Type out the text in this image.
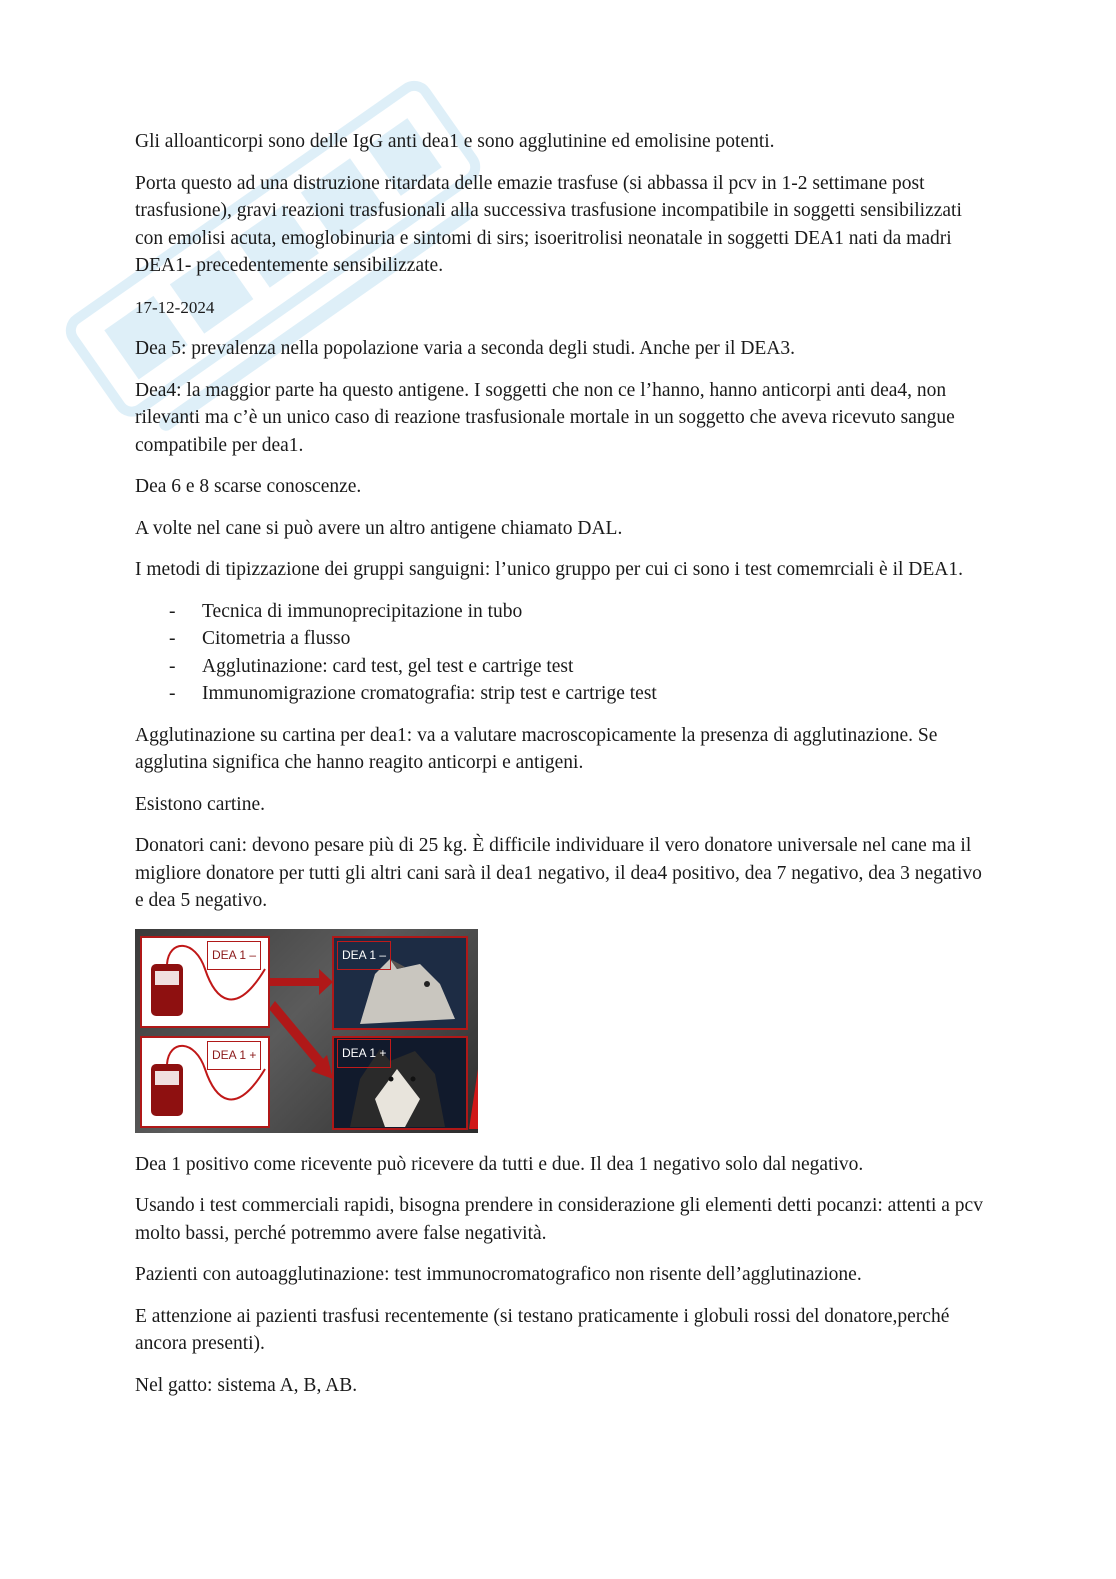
Gli alloanticorpi sono delle IgG anti dea1 e sono agglutinine ed emolisine potenti.

Porta questo ad una distruzione ritardata delle emazie trasfuse (si abbassa il pcv in 1-2 settimane post trasfusione), gravi reazioni trasfusionali alla successiva trasfusione incompatibile in soggetti sensibilizzati con emolisi acuta, emoglobinuria e sintomi di sirs; isoeritrolisi neonatale in soggetti DEA1 nati da madri DEA1- precedentemente sensibilizzate.

17-12-2024

Dea 5: prevalenza nella popolazione varia a seconda degli studi. Anche per il DEA3.

Dea4: la maggior parte ha questo antigene. I soggetti che non ce l’hanno, hanno anticorpi anti dea4, non rilevanti ma c’è un unico caso di reazione trasfusionale mortale in un soggetto che aveva ricevuto sangue compatibile per dea1.

Dea 6 e 8 scarse conoscenze.

A volte nel cane si può avere un altro antigene chiamato DAL.

I metodi di tipizzazione dei gruppi sanguigni: l’unico gruppo per cui ci sono i test comemrciali è il DEA1.

- Tecnica di immunoprecipitazione in tubo
- Citometria a flusso
- Agglutinazione: card test, gel test e cartrige test
- Immunomigrazione cromatografia: strip test e cartrige test

Agglutinazione su cartina per dea1: va a valutare macroscopicamente la presenza di agglutinazione. Se agglutina significa che hanno reagito anticorpi e antigeni.

Esistono cartine.

Donatori cani: devono pesare più di 25 kg. È difficile individuare il vero donatore universale nel cane ma il migliore donatore per tutti gli altri cani sarà il dea1 negativo, il dea4 positivo, dea 7 negativo, dea 3 negativo e dea 5 negativo.

DEA 1 –
DEA 1 +
DEA 1 –
DEA 1 +

Dea 1 positivo come ricevente può ricevere da tutti e due. Il dea 1 negativo solo dal negativo.

Usando i test commerciali rapidi, bisogna prendere in considerazione gli elementi detti pocanzi: attenti a pcv molto bassi, perché potremmo avere false negatività.

Pazienti con autoagglutinazione: test immunocromatografico non risente dell’agglutinazione.

E attenzione ai pazienti trasfusi recentemente (si testano praticamente i globuli rossi del donatore,perché ancora presenti).

Nel gatto: sistema A, B, AB.
